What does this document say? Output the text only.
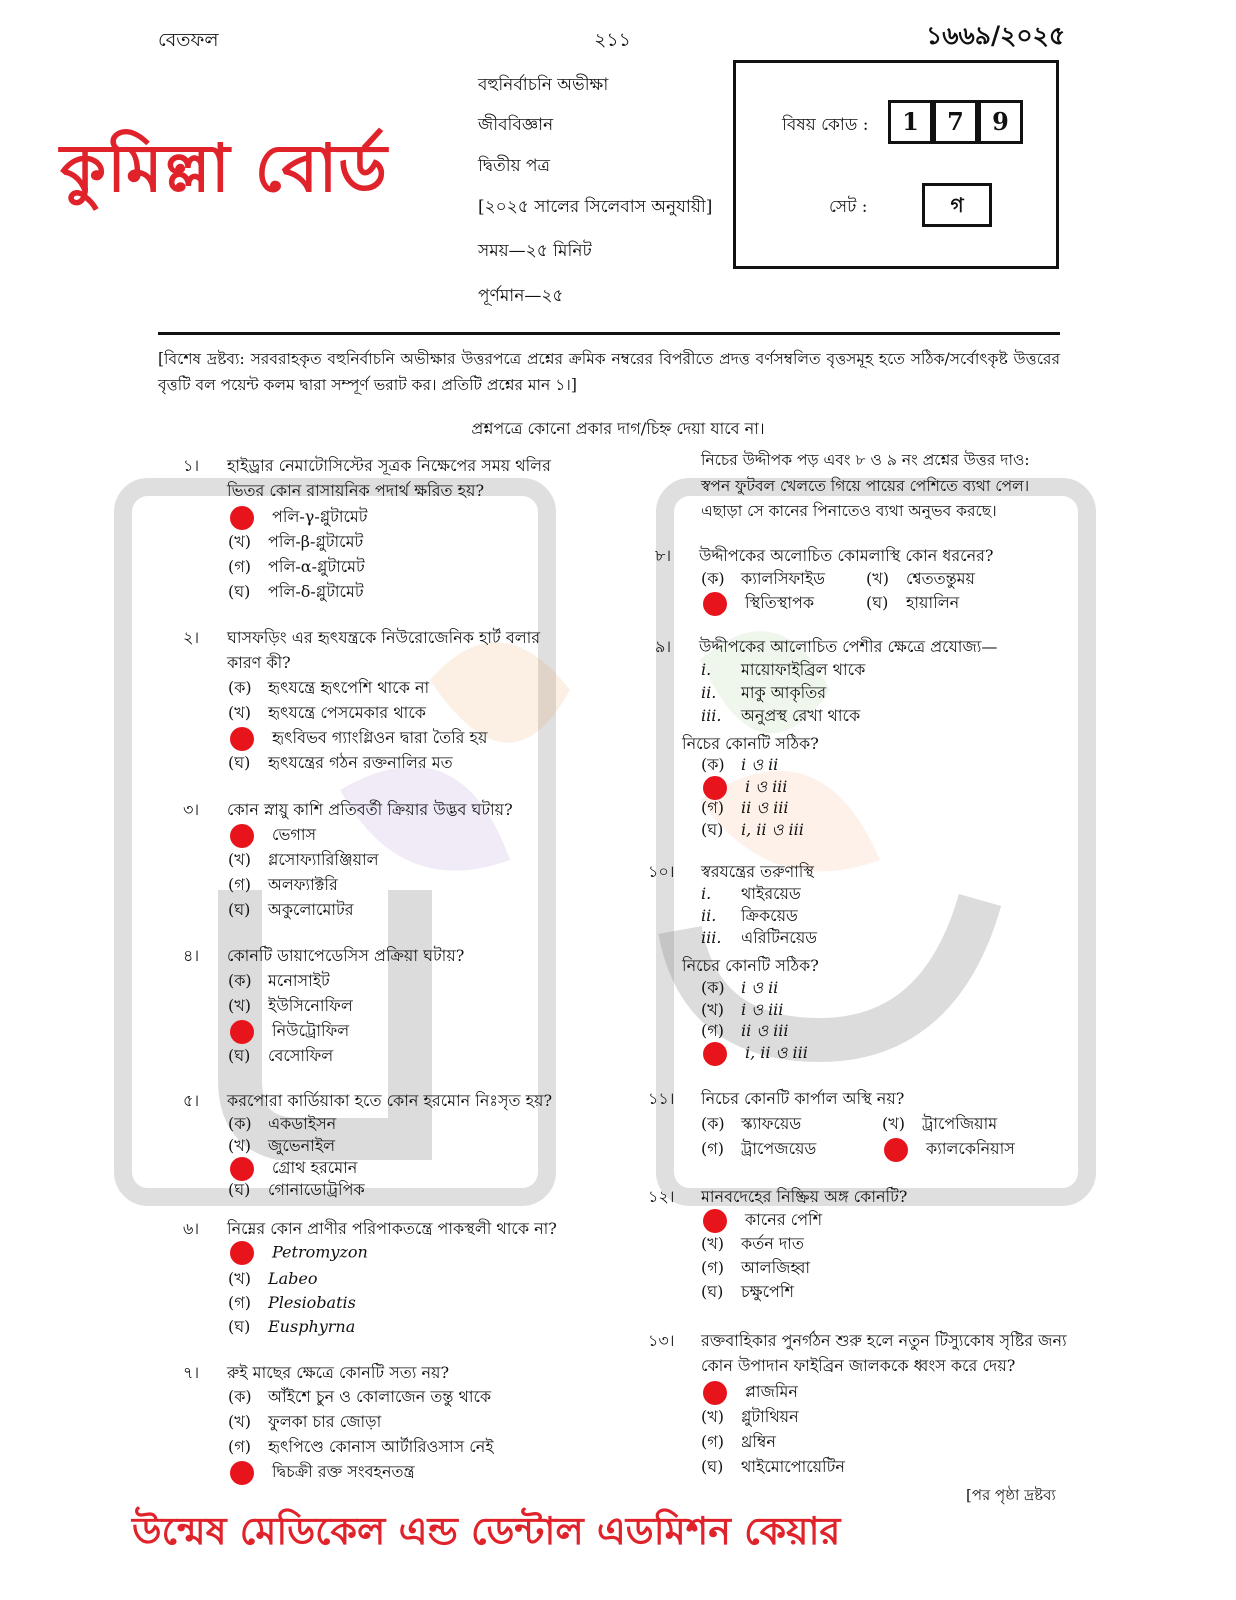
বেতফল	২১১	১৬৬৯/২০২৫
কুমিল্লা বোর্ড
বহুনির্বাচনি অভীক্ষা
জীববিজ্ঞান
দ্বিতীয় পত্র
[২০২৫ সালের সিলেবাস অনুযায়ী]
সময়—২৫ মিনিট
পূর্ণমান—২৫
বিষয় কোড :	1	7	9
সেট :	গ
[বিশেষ দ্রষ্টব্য: সরবরাহকৃত বহুনির্বাচনি অভীক্ষার উত্তরপত্রে প্রশ্নের ক্রমিক নম্বরের বিপরীতে প্রদত্ত বর্ণসম্বলিত বৃত্তসমূহ হতে সঠিক/সর্বোৎকৃষ্ট উত্তরের বৃত্তটি বল পয়েন্ট কলম দ্বারা সম্পূর্ণ ভরাট কর। প্রতিটি প্রশ্নের মান ১।]
প্রশ্নপত্রে কোনো প্রকার দাগ/চিহ্ন দেয়া যাবে না।
১। হাইড্রার নেমাটোসিস্টের সূত্রক নিক্ষেপের সময় থলির ভিতর কোন রাসায়নিক পদার্থ ক্ষরিত হয়?
পলি-γ-গ্লুটামেট
(খ) পলি-β-গ্লুটামেট
(গ) পলি-α-গ্লুটামেট
(ঘ) পলি-δ-গ্লুটামেট
২। ঘাসফড়িং এর হৃৎযন্ত্রকে নিউরোজেনিক হার্ট বলার কারণ কী?
(ক) হৃৎযন্ত্রে হৃৎপেশি থাকে না
(খ) হৃৎযন্ত্রে পেসমেকার থাকে
হৃৎবিভব গ্যাংগ্লিওন দ্বারা তৈরি হয়
(ঘ) হৃৎযন্ত্রের গঠন রক্তনালির মত
৩। কোন স্নায়ু কাশি প্রতিবর্তী ক্রিয়ার উদ্ভব ঘটায়?
ভেগাস
(খ) গ্লসোফ্যারিঞ্জিয়াল
(গ) অলফ্যাক্টরি
(ঘ) অকুলোমোটর
৪। কোনটি ডায়াপেডেসিস প্রক্রিয়া ঘটায়?
(ক) মনোসাইট
(খ) ইউসিনোফিল
নিউট্রোফিল
(ঘ) বেসোফিল
৫। করপোরা কার্ডিয়াকা হতে কোন হরমোন নিঃসৃত হয়?
(ক) একডাইসন
(খ) জুভেনাইল
গ্রোথ হরমোন
(ঘ) গোনাডোট্রপিক
৬। নিম্নের কোন প্রাণীর পরিপাকতন্ত্রে পাকস্থলী থাকে না?
Petromyzon
(খ) Labeo
(গ) Plesiobatis
(ঘ) Eusphyrna
৭। রুই মাছের ক্ষেত্রে কোনটি সত্য নয়?
(ক) আঁইশে চুন ও কোলাজেন তন্তু থাকে
(খ) ফুলকা চার জোড়া
(গ) হৃৎপিণ্ডে কোনাস আর্টারিওসাস নেই
দ্বিচক্রী রক্ত সংবহনতন্ত্র
নিচের উদ্দীপক পড় এবং ৮ ও ৯ নং প্রশ্নের উত্তর দাও:
স্বপন ফুটবল খেলতে গিয়ে পায়ের পেশিতে ব্যথা পেল। এছাড়া সে কানের পিনাতেও ব্যথা অনুভব করছে।
৮। উদ্দীপকের অলোচিত কোমলাস্থি কোন ধরনের?
(ক) ক্যালসিফাইড	(খ) শ্বেততন্তুময়
স্থিতিস্থাপক	(ঘ) হায়ালিন
৯। উদ্দীপকের আলোচিত পেশীর ক্ষেত্রে প্রযোজ্য—
i. মায়োফাইব্রিল থাকে
ii. মাকু আকৃতির
iii. অনুপ্রস্থ রেখা থাকে
নিচের কোনটি সঠিক?
(ক) i ও ii
i ও iii
(গ) ii ও iii
(ঘ) i, ii ও iii
১০। স্বরযন্ত্রের তরুণাস্থি
i. থাইরয়েড
ii. ক্রিকয়েড
iii. এরিটিনয়েড
নিচের কোনটি সঠিক?
(ক) i ও ii
(খ) i ও iii
(গ) ii ও iii
i, ii ও iii
১১। নিচের কোনটি কার্পাল অস্থি নয়?
(ক) স্ক্যাফয়েড	(খ) ট্রাপেজিয়াম
(গ) ট্রাপেজয়েড	ক্যালকেনিয়াস
১২। মানবদেহের নিষ্ক্রিয় অঙ্গ কোনটি?
কানের পেশি
(খ) কর্তন দাত
(গ) আলজিহ্বা
(ঘ) চক্ষুপেশি
১৩। রক্তবাহিকার পুনর্গঠন শুরু হলে নতুন টিস্যুকোষ সৃষ্টির জন্য কোন উপাদান ফাইব্রিন জালককে ধ্বংস করে দেয়?
প্লাজমিন
(খ) গ্লুটাথিয়ন
(গ) থ্রম্বিন
(ঘ) থাইমোপোয়েটিন
[পর পৃষ্ঠা দ্রষ্টব্য
উন্মেষ মেডিকেল এন্ড ডেন্টাল এডমিশন কেয়ার
